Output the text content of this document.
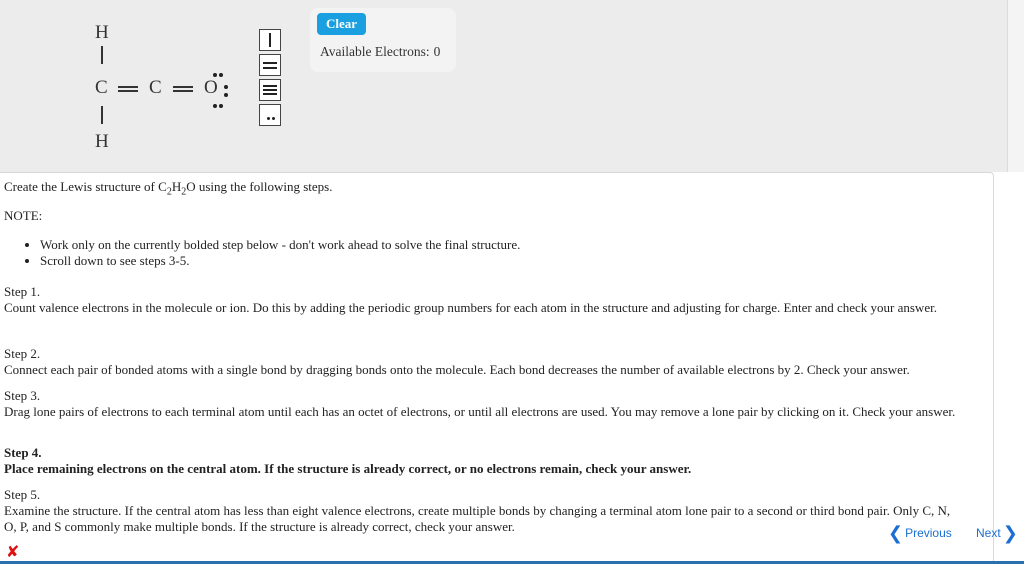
H
C C O
H
Clear
Available Electrons: 0
Create the Lewis structure of $C_2H_2O$ using the following steps.
NOTE:
• Work only on the currently bolded step below - don't work ahead to solve the final structure.
• Scroll down to see steps 3-5.
Step 1.
Count valence electrons in the molecule or ion. Do this by adding the periodic group numbers for each atom in the structure and adjusting for charge. Enter and check your answer.
Step 2.
Connect each pair of bonded atoms with a single bond by dragging bonds onto the molecule. Each bond decreases the number of available electrons by 2. Check your answer.
Step 3.
Drag lone pairs of electrons to each terminal atom until each has an octet of electrons, or until all electrons are used. You may remove a lone pair by clicking on it. Check your answer.
Step 4.
Place remaining electrons on the central atom. If the structure is already correct, or no electrons remain, check your answer.
Step 5.
Examine the structure. If the central atom has less than eight valence electrons, create multiple bonds by changing a terminal atom lone pair to a second or third bond pair. Only C, N, O, P, and S commonly make multiple bonds. If the structure is already correct, check your answer.	❮ Previous Next ❯
✘
